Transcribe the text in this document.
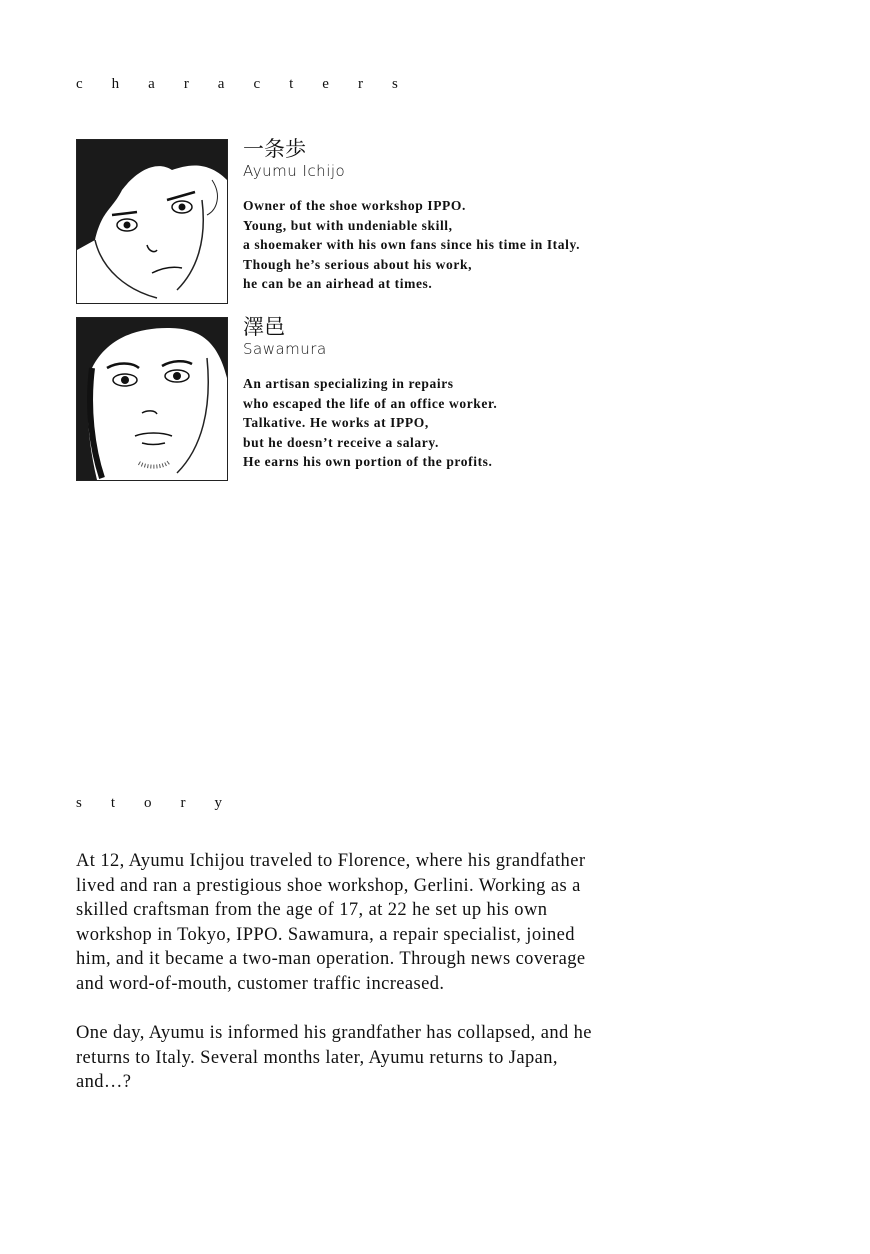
characters
一条歩
Ayumu Ichijo
Owner of the shoe workshop IPPO.
Young, but with undeniable skill,
a shoemaker with his own fans since his time in Italy.
Though he’s serious about his work,
he can be an airhead at times.
澤邑
Sawamura
An artisan specializing in repairs
who escaped the life of an office worker.
Talkative. He works at IPPO,
but he doesn’t receive a salary.
He earns his own portion of the profits.
story

At 12, Ayumu Ichijou traveled to Florence, where his grandfather
lived and ran a prestigious shoe workshop, Gerlini. Working as a
skilled craftsman from the age of 17, at 22 he set up his own
workshop in Tokyo, IPPO. Sawamura, a repair specialist, joined
him, and it became a two-man operation. Through news coverage
and word-of-mouth, customer traffic increased.

One day, Ayumu is informed his grandfather has collapsed, and he
returns to Italy. Several months later, Ayumu returns to Japan,
and…?
